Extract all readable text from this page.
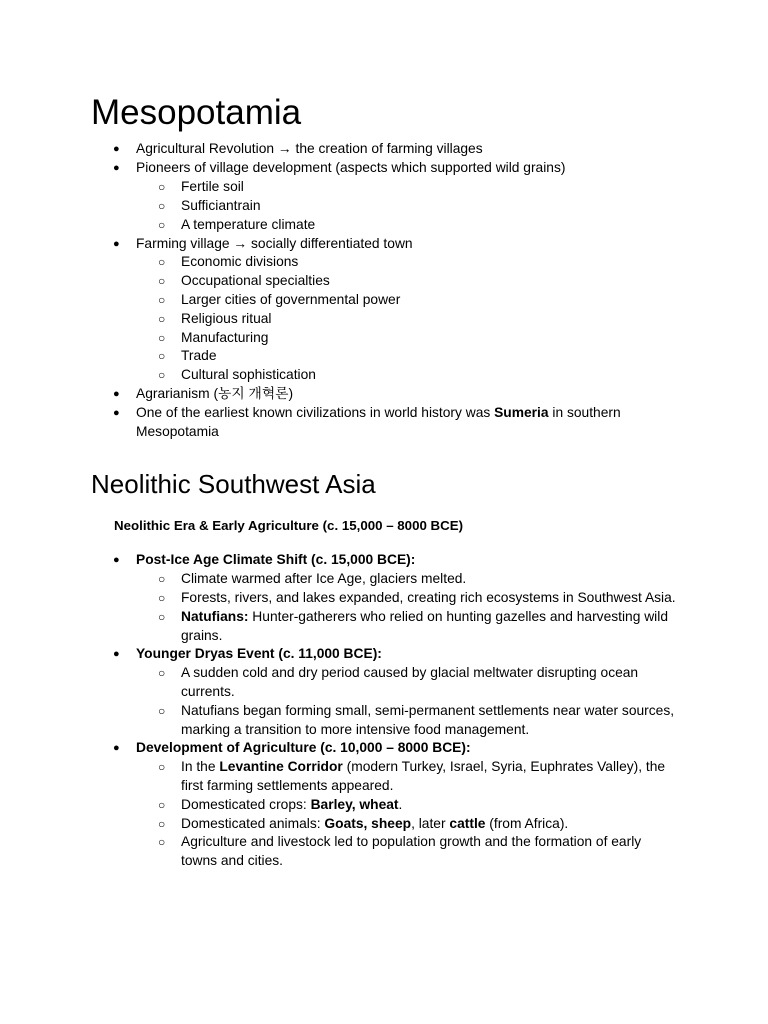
Mesopotamia
● Agricultural Revolution → the creation of farming villages
● Pioneers of village development (aspects which supported wild grains)
○ Fertile soil
○ Sufficiantrain
○ A temperature climate
● Farming village → socially differentiated town
○ Economic divisions
○ Occupational specialties
○ Larger cities of governmental power
○ Religious ritual
○ Manufacturing
○ Trade
○ Cultural sophistication
● Agrarianism (농지 개혁론)
● One of the earliest known civilizations in world history was Sumeria in southern
Mesopotamia
Neolithic Southwest Asia
Neolithic Era & Early Agriculture (c. 15,000 – 8000 BCE)
● Post-Ice Age Climate Shift (c. 15,000 BCE):
○ Climate warmed after Ice Age, glaciers melted.
○ Forests, rivers, and lakes expanded, creating rich ecosystems in Southwest Asia.
○ Natufians: Hunter-gatherers who relied on hunting gazelles and harvesting wild
grains.
● Younger Dryas Event (c. 11,000 BCE):
○ A sudden cold and dry period caused by glacial meltwater disrupting ocean
currents.
○ Natufians began forming small, semi-permanent settlements near water sources,
marking a transition to more intensive food management.
● Development of Agriculture (c. 10,000 – 8000 BCE):
○ In the Levantine Corridor (modern Turkey, Israel, Syria, Euphrates Valley), the
first farming settlements appeared.
○ Domesticated crops: Barley, wheat.
○ Domesticated animals: Goats, sheep, later cattle (from Africa).
○ Agriculture and livestock led to population growth and the formation of early
towns and cities.
